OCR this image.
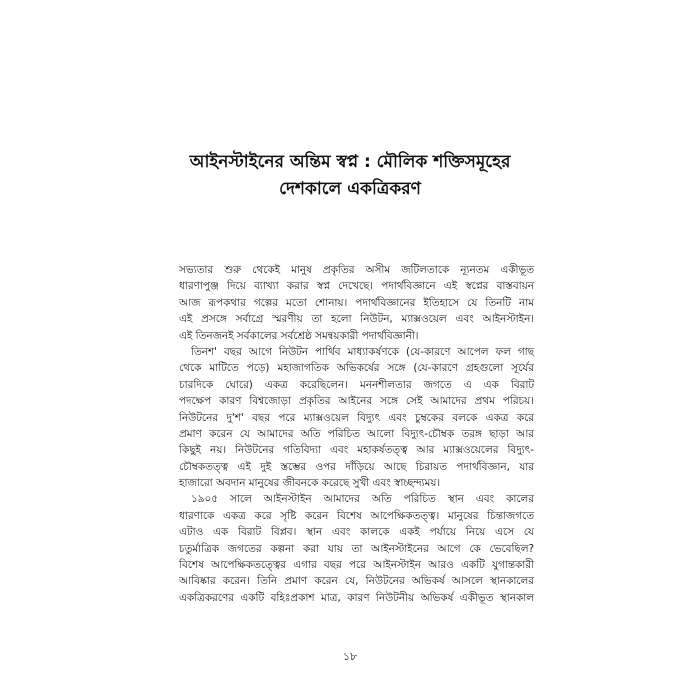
আইনস্টাইনের অন্তিম স্বপ্ন : মৌলিক শক্তিসমূহের
দেশকালে একত্রিকরণ
সভ্যতার শুরু থেকেই মানুষ প্রকৃতির অসীম জটিলতাকে ন্যূনতম একীভূত
ধারণাপুঞ্জ দিয়ে ব্যাখ্যা করার স্বপ্ন দেখেছে। পদার্থবিজ্ঞানে এই স্বপ্নের বাস্তবায়ন
আজ রূপকথার গল্পের মতো শোনায়। পদার্থবিজ্ঞানের ইতিহাসে যে তিনটি নাম
এই প্রসঙ্গে সর্বাগ্রে স্মরণীয় তা হলো নিউটন, ম্যাক্সওয়েল এবং আইনস্টাইন।
এই তিনজনই সর্বকালের সর্বশ্রেষ্ঠ সমন্বয়কারী পদার্থবিজ্ঞানী।
তিনশ' বছর আগে নিউটন পার্থিব মাধ্যাকর্ষণকে (যে-কারণে আপেল ফল গাছ
থেকে মাটিতে পড়ে) মহাজাগতিক অভিকর্ষের সঙ্গে (যে-কারণে গ্রহগুলো সূর্যের
চারদিকে ঘোরে) একত্র করেছিলেন। মননশীলতার জগতে এ এক বিরাট
পদক্ষেপ কারণ বিশ্বজোড়া প্রকৃতির আইনের সঙ্গে সেই আমাদের প্রথম পরিচয়।
নিউটনের দু'শ' বছর পরে ম্যাক্সওয়েল বিদ্যুৎ এবং চুম্বকের বলকে একত্র করে
প্রমাণ করেন যে আমাদের অতি পরিচিত আলো বিদ্যুৎ-চৌম্বক তরঙ্গ ছাড়া আর
কিছুই নয়। নিউটনের গতিবিদ্যা এবং মহাকর্ষতত্ত্ব আর ম্যাক্সওয়েলের বিদ্যুৎ-
চৌম্বকতত্ত্ব এই দুই স্তম্ভের ওপর দাঁড়িয়ে আছে চিরায়ত পদার্থবিজ্ঞান, যার
হাজারো অবদান মানুষের জীবনকে করেছে সুখী এবং স্বাচ্ছন্দ্যময়।
১৯০৫ সালে আইনস্টাইন আমাদের অতি পরিচিত স্থান এবং কালের
ধারণাকে একত্র করে সৃষ্টি করেন বিশেষ আপেক্ষিকতত্ত্ব। মানুষের চিন্তাজগতে
এটাও এক বিরাট বিপ্লব। স্থান এবং কালকে একই পর্যায়ে নিয়ে এসে যে
চতুর্মাত্রিক জগতের কল্পনা করা যায় তা আইনস্টাইনের আগে কে ভেবেছিল?
বিশেষ আপেক্ষিকতত্ত্বের এগার বছর পরে আইনস্টাইন আরও একটি যুগান্তকারী
আবিষ্কার করেন। তিনি প্রমাণ করেন যে, নিউটনের অভিকর্ষ আসলে স্থানকালের
একত্রিকরণের একটি বহিঃপ্রকাশ মাত্র, কারণ নিউটনীয় অভিকর্ষ একীভূত স্থানকাল
১৮
